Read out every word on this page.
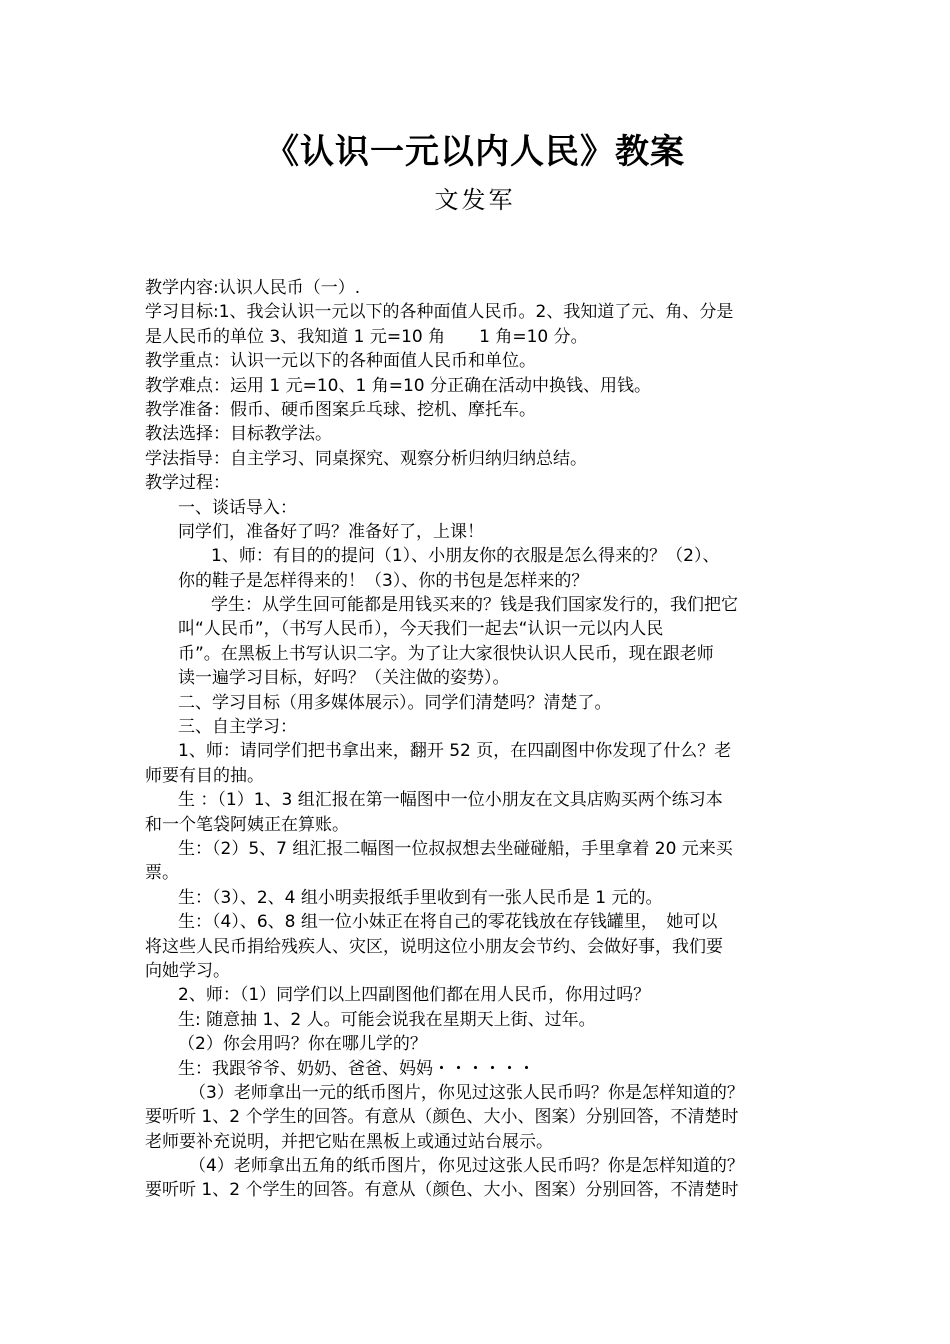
《认识一元以内人民》教案
文发军
教学内容:认识人民币（一）.
学习目标:1、我会认识一元以下的各种面值人民币。2、我知道了元、角、分是
是人民币的单位 3、我知道 1 元=10 角　　1 角=10 分。
教学重点：认识一元以下的各种面值人民币和单位。
教学难点：运用 1 元=10、1 角=10 分正确在活动中换钱、用钱。
教学准备：假币、硬币图案乒乓球、挖机、摩托车。
教法选择：目标教学法。
学法指导：自主学习、同桌探究、观察分析归纳归纳总结。
教学过程：
一、谈话导入：
同学们，准备好了吗？准备好了，上课！
1、师：有目的的提问（1）、小朋友你的衣服是怎么得来的？（2）、
你的鞋子是怎样得来的！（3）、你的书包是怎样来的？
学生：从学生回可能都是用钱买来的？钱是我们国家发行的，我们把它
叫“人民币”，（书写人民币），今天我们一起去“认识一元以内人民
币”。在黑板上书写认识二字。为了让大家很快认识人民币，现在跟老师
读一遍学习目标，好吗？（关注做的姿势）。
二、学习目标（用多媒体展示）。同学们清楚吗？清楚了。
三、自主学习：
1、师：请同学们把书拿出来，翻开 52 页，在四副图中你发现了什么？老
师要有目的抽。
生 ：（1）1、3 组汇报在第一幅图中一位小朋友在文具店购买两个练习本
和一个笔袋阿姨正在算账。
生：（2）5、7 组汇报二幅图一位叔叔想去坐碰碰船，手里拿着 20 元来买
票。
生：（3）、2、4 组小明卖报纸手里收到有一张人民币是 1 元的。
生：（4）、6、8 组一位小妹正在将自己的零花钱放在存钱罐里，　她可以
将这些人民币捐给残疾人、灾区，说明这位小朋友会节约、会做好事，我们要
向她学习。
2、师：（1）同学们以上四副图他们都在用人民币，你用过吗？
生: 随意抽 1、2 人。可能会说我在星期天上街、过年。
（2）你会用吗？你在哪儿学的？
生：我跟爷爷、奶奶、爸爸、妈妈・・・・・・
（3）老师拿出一元的纸币图片，你见过这张人民币吗？你是怎样知道的？
要听听 1、2 个学生的回答。有意从（颜色、大小、图案）分别回答，不清楚时
老师要补充说明，并把它贴在黑板上或通过站台展示。
（4）老师拿出五角的纸币图片，你见过这张人民币吗？你是怎样知道的？
要听听 1、2 个学生的回答。有意从（颜色、大小、图案）分别回答，不清楚时
